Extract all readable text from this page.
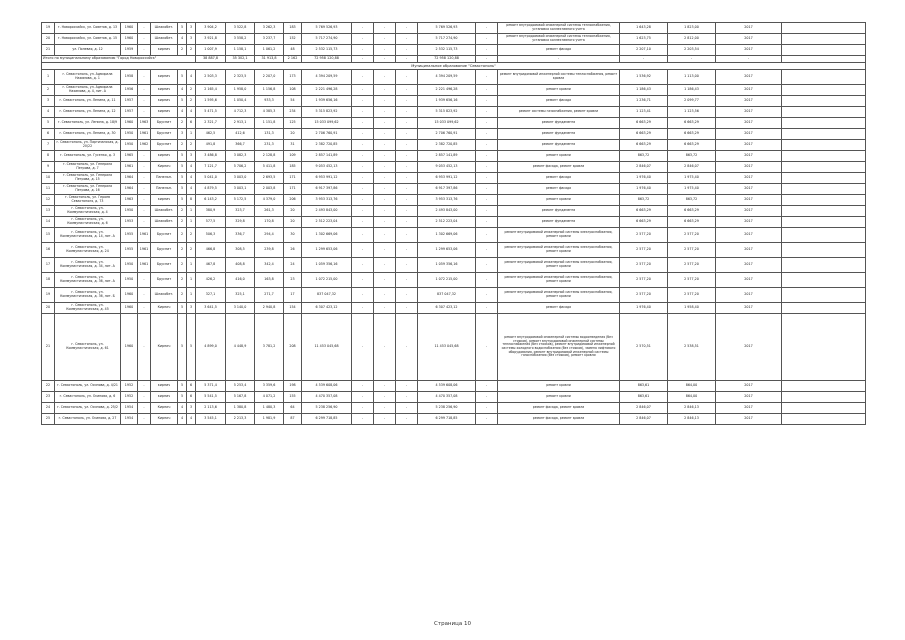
19	г. Новороссийск, ул. Советов, д. 13	1960	-	Шлакобет.	5	3	3 904,2	3 522,8	3 262,3	183	5 769 526,93	-	-	-	5 769 526,93	-	ремонт внутридомовой инженерной системы теплоснабжения, установка коллективного учета	1 643,28	1 823,00	2017	
20	г. Новороссийск, ул. Советов, д. 15	1960	-	Шлакобет.	4	3	3 921,8	3 558,2	3 237,7	152	5 717 274,90	-	-	-	5 717 274,90	-	ремонт внутридомовой инженерной системы теплоснабжения, установка коллективного учета	1 623,75	2 812,00	2017	
21	ул. Полевая, д. 12	1959	-	кирпич	2	2	1 007,9	1 158,1	1 061,2	48	2 532 115,73	-	-	-	2 532 115,73	-	ремонт фасада	2 207,10	2 203,54	2017	
Итого по муниципальному образованию "Город Новороссийск"							38 887,8	35 302,1	31 913,8	2 162	72 958 120,88	-	-	-	72 958 120,88	-	-	-	-	-	
Муниципальное образование "Севастополь"																					
1	г. Севастополь, ул. Адмирала Нахимова, д. 1	1958	-	кирпич	5	4	2 503,3	2 323,5	2 207,0	173	4 394 209,59	-	-	-	4 394 209,59	-	ремонт внутридомовой инженерной системы теплоснабжения, ремонт кровли	1 536,92	1 113,00	2017	
2	г. Севастополь, ул. Адмирала Нахимова, д. 4, лит. А	1956	-	кирпич	4	2	2 165,4	1 958,0	1 156,8	108	2 221 496,28	-	-	-	2 221 496,28	-	ремонт кровли	1 186,43	1 186,43	2017	
3	г. Севастополь, ул. Ленина, д. 11	1957	-	кирпич	5	2	1 595,6	1 050,4	933,3	54	1 939 656,16	-	-	-	1 939 656,16	-	ремонт фасада	1 236,71	2 099,77	2017	
4	г. Севастополь, ул. Ленина, д. 12	1957	-	кирпич	4	4	5 471,5	4 712,3	4 385,3	234	5 315 823,92	-	-	-	5 315 823,92	-	ремонт системы газоснабжения, ремонт кровли	1 123,41	1 123,56	2017	
5	г. Севастополь, ул. Ленина, д. 18/9	1960	1963	Бруснит	2	6	2 321,7	2 913,1	1 151,8	125	15 033 099,62	-	-	-	15 033 099,62	-	ремонт фундамента	6 663,29	6 663,29	2017	
6	г. Севастополь, ул. Ленина, д. 30	1950	1961	Бруснит	3	1	462,5	412,6	131,3	20	2 706 760,91	-	-	-	2 706 760,91	-	ремонт фундамента	6 663,29	6 663,29	2017	
7	г. Севастополь, ул. Партизанская, д. 20/22	1950	1962	Бруснит	2	2	491,8	366,7	231,3	31	2 382 720,85	-	-	-	2 382 720,85	-	ремонт фундамента	6 663,29	6 663,29	2017	
8	г. Севастополь, ул. Гусенко, д. 3	1965	-	кирпич	5	3	3 486,8	3 082,3	2 128,8	109	2 857 141,89	-	-	-	2 857 141,89	-	ремонт кровли	863,72	863,72	2017	
9	г. Севастополь, ул. Генерала Петрова, д. 7	1961	-	Кирпич	5	4	7 121,7	5 706,2	5 411,8	185	9 053 452,13	-	-	-	9 053 452,13	-	ремонт фасада, ремонт кровли	2 846,07	2 846,07	2017	
10	г. Севастополь, ул. Генерала Петрова, д. 15	1964	-	Панельн.	5	4	5 041,0	3 003,0	2 693,5	171	6 953 991,12	-	-	-	6 953 991,12	-	ремонт фасада	1 976,40	1 975,40	2017	
11	г. Севастополь, ул. Генерала Петрова, д. 16	1964	-	Панельн.	5	4	4 879,5	3 003,1	2 003,8	171	6 917 397,86	-	-	-	6 917 397,86	-	ремонт фасада	1 976,40	1 975,40	2017	
12	г. Севастополь, ул. Героев Севастополя, д. 73	1963	-	кирпич	5	8	6 143,2	5 172,5	4 379,0	206	3 953 313,76	-	-	-	3 953 313,76	-	ремонт кровли	863,72	863,72	2017	
13	г. Севастополь, ул. Коммунистическая, д. 4	1950	-	Шлакобет.	2	1	380,9	323,7	261,3	20	2 493 843,00	-	-	-	2 493 843,00	-	ремонт фундамента	6 663,29	6 663,29	2017	
14	г. Севастополь, ул. Коммунистическая, д. 6	1953	-	Шлакобет.	2	1	577,5	329,8	170,8	20	2 512 223,04	-	-	-	2 512 223,04	-	ремонт фундамента	6 663,29	6 663,29	2017	
15	г. Севастополь, ул. Коммунистическая, д. 14, лит. А	1955	1961	Бруснит	2	2	506,3	336,7	294,4	30	1 302 669,06	-	-	-	1 302 669,06	-	ремонт внутридомовой инженерной системы электроснабжения, ремонт кровли	2 577,20	2 577,20	2017	
16	г. Севастополь, ул. Коммунистическая, д. 24	1955	1961	Бруснит	2	2	466,8	308,5	239,8	26	1 299 653,06	-	-	-	1 299 653,06	-	ремонт внутридомовой инженерной системы электроснабжения, ремонт кровли	2 577,20	2 577,20	2017	
17	г. Севастополь, ул. Коммунистическая, д. 34, лит. А	1950	1961	Бруснит	2	1	467,8	408,8	342,4	24	1 059 356,16	-	-	-	1 059 356,16	-	ремонт внутридомовой инженерной системы электроснабжения, ремонт кровли	2 577,20	2 577,20	2017	
18	г. Севастополь, ул. Коммунистическая, д. 36, лит. А	1950	-	Бруснит	2	1	426,2	416,0	163,8	23	1 072 215,00	-	-	-	1 072 215,00	-	ремонт внутридомовой инженерной системы электроснабжения, ремонт кровли	2 577,20	2 577,20	2017	
19	г. Севастополь, ул. Коммунистическая, д. 36, лит. Б	1960	-	Шлакобет.	2	1	327,1	325,1	271,7	17	837 047,32	-	-	-	837 047,32	-	ремонт внутридомовой инженерной системы электроснабжения, ремонт кровли	2 577,20	2 577,20	2017	
20	г. Севастополь, ул. Коммунистическая, д. 45	1960	-	Кирпич	5	3	3 641,5	3 140,0	2 940,8	154	6 307 423,12	-	-	-	6 307 423,12	-	ремонт фасада	1 976,40	1 958,40	2017	
21	г. Севастополь, ул. Коммунистическая, д. 61	1960	-	Кирпич	5	5	4 899,0	4 448,9	3 781,2	208	11 453 045,68	-	-	-	11 453 045,68	-	ремонт внутридомовой инженерной системы водоотведения (без стояков), ремонт внутридомовой инженерной системы теплоснабжения (без стояков), ремонт внутридомовой инженерной системы холодного водоснабжения (без стояков), замена лифтового оборудования, ремонт внутридомовой инженерной системы газоснабжения (без стояков), ремонт кровли	2 570,51	2 538,51	2017	
22	г. Севастополь, ул. Осипова, д. 4/21	1952	-	кирпич	5	6	5 371,4	5 253,4	3 359,6	198	4 539 608,06	-	-	-	4 539 608,06	-	ремонт кровли	863,61	864,00	2017	
23	г. Севастополь, ул. Осипова, д. 6	1952	-	кирпич	5	6	5 541,5	5 167,8	4 071,2	155	4 470 357,08	-	-	-	4 470 357,08	-	ремонт кровли	863,61	864,00	2017	
24	г. Севастополь, ул. Осипова, д. 25/2	1954	-	Кирпич	4	3	2 113,6	1 380,8	1 480,3	64	5 238 256,90	-	-	-	5 238 256,90	-	ремонт фасада, ремонт кровли	2 846,07	2 846,13	2017	
25	г. Севастополь, ул. Осипова, д. 27	1954	-	Кирпич	4	4	3 545,1	2 213,3	1 981,9	87	6 299 718,85	-	-	-	6 299 718,85	-	ремонт фасада, ремонт кровли	2 846,07	2 846,13	2017	
Страница 10
